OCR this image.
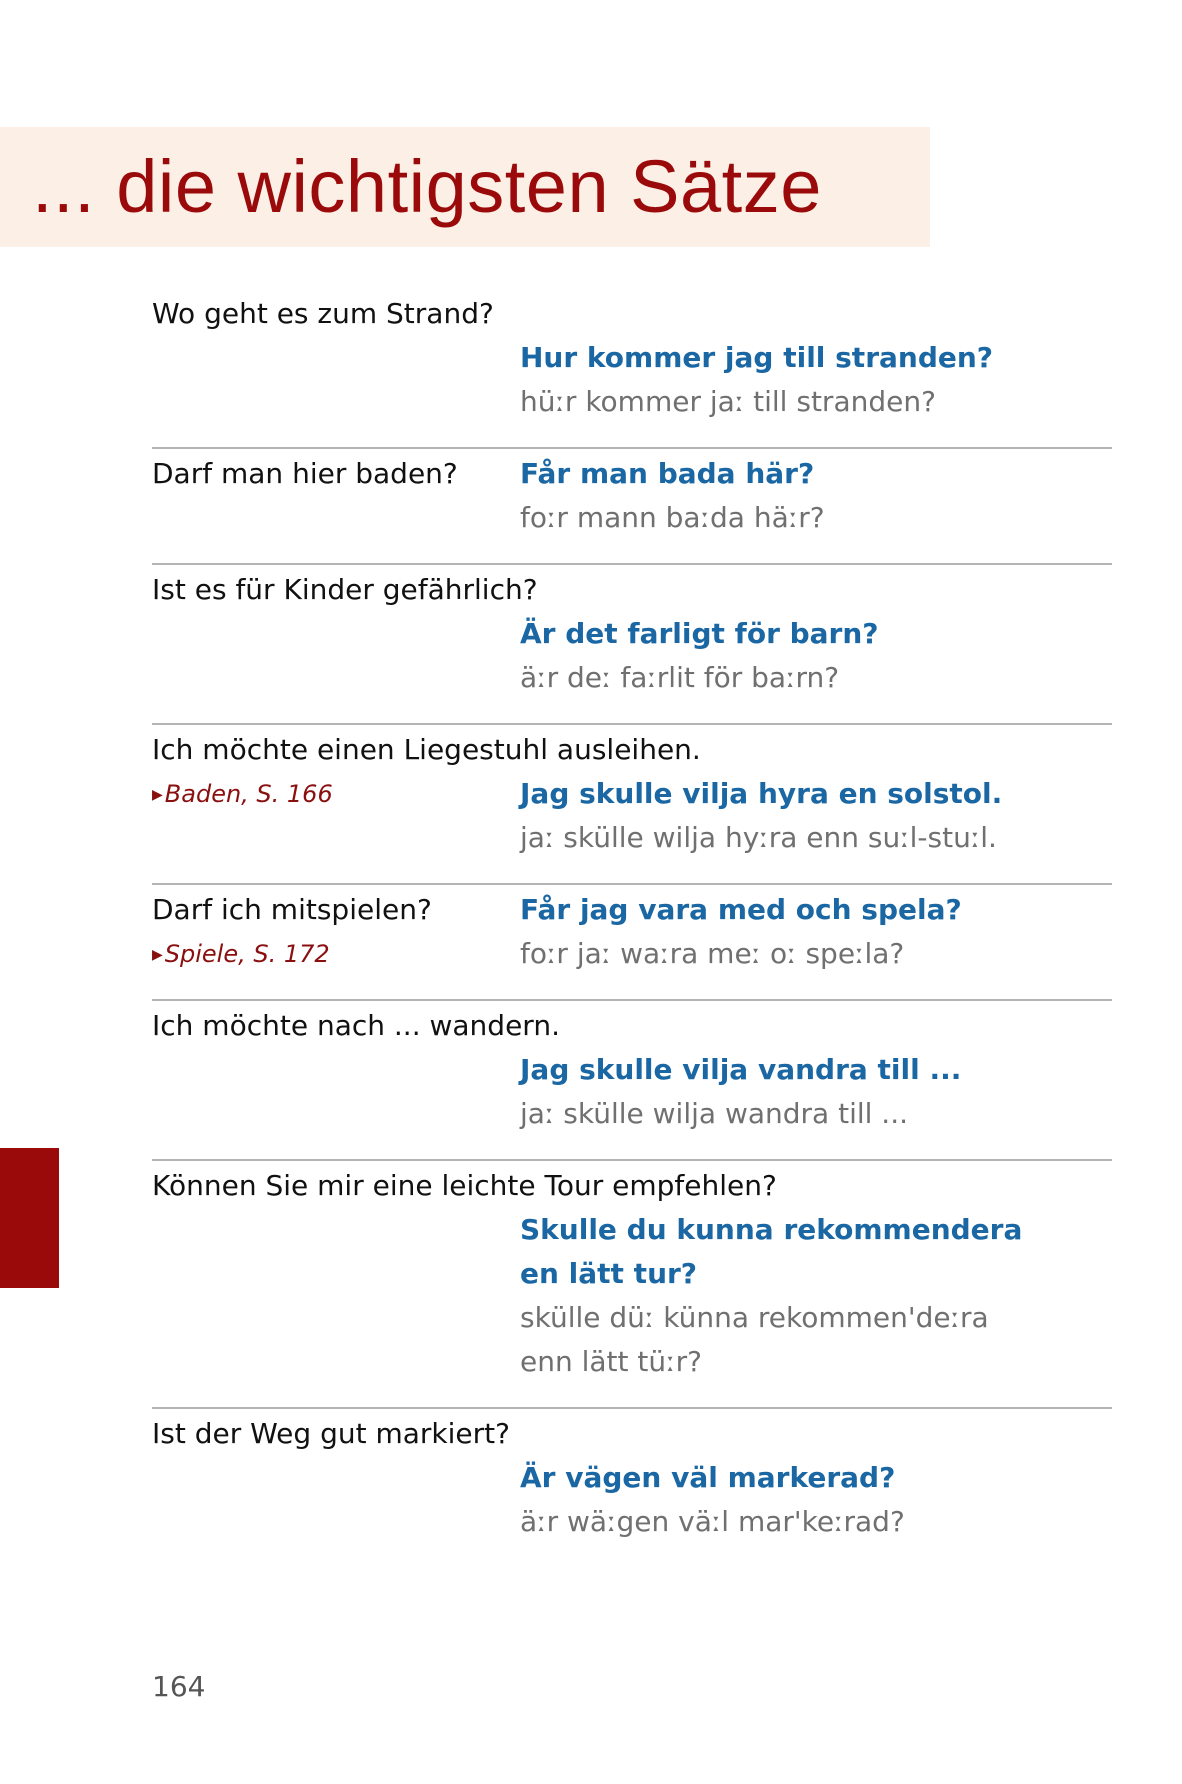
... die wichtigsten Sätze
Wo geht es zum Strand?
Hur kommer jag till stranden?
hüːr kommer jaː till stranden?
Darf man hier baden? Får man bada här?
foːr mann baːda häːr?
Ist es für Kinder gefährlich?
Är det farligt för barn?
äːr deː faːrlit för baːrn?
Ich möchte einen Liegestuhl ausleihen.
▶Baden, S. 166	Jag skulle vilja hyra en solstol.
jaː skülle wilja hyːra enn suːl-stuːl.
Darf ich mitspielen?	Får jag vara med och spela?
▶Spiele, S. 172	foːr jaː waːra meː oː speːla?
Ich möchte nach ... wandern.
Jag skulle vilja vandra till ...
jaː skülle wilja wandra till ...
Können Sie mir eine leichte Tour empfehlen?
Skulle du kunna rekommendera
en lätt tur?
skülle düː künna rekommen'deːra
enn lätt tüːr?
Ist der Weg gut markiert?
Är vägen väl markerad?
äːr wäːgen väːl mar'keːrad?
164
